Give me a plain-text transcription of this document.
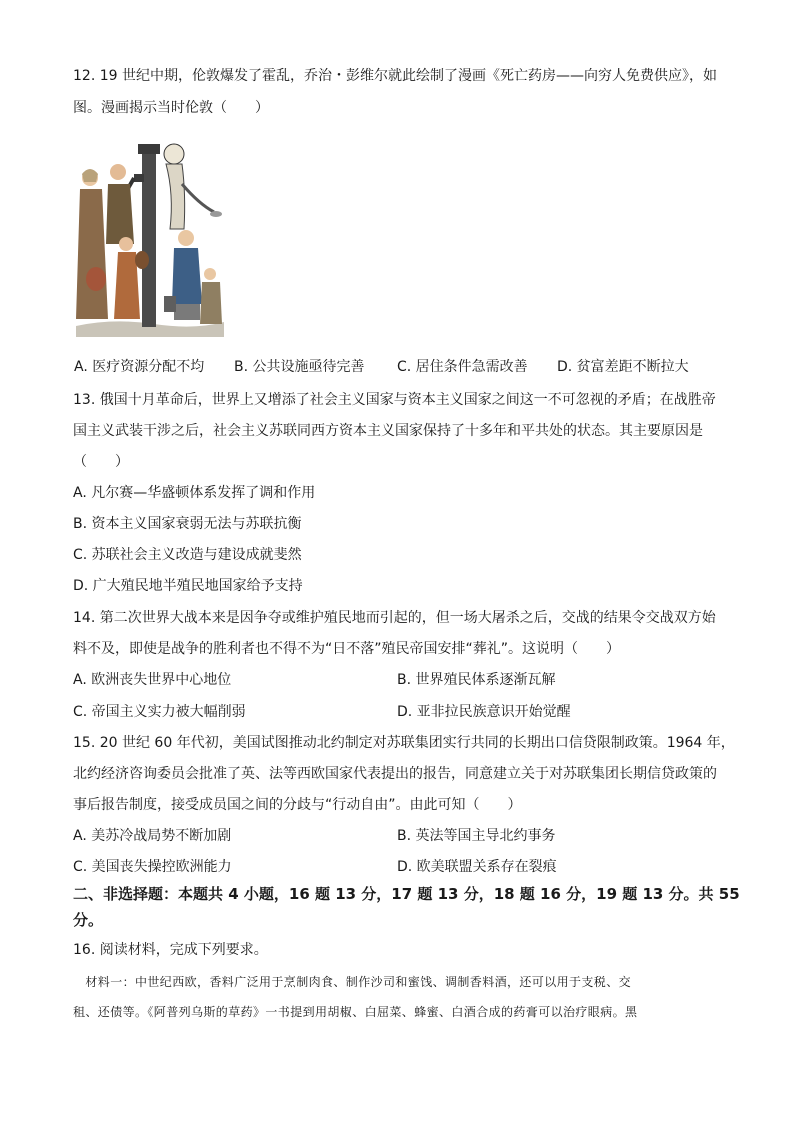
12. 19 世纪中期，伦敦爆发了霍乱，乔治・彭维尔就此绘制了漫画《死亡药房——向穷人免费供应》，如
图。漫画揭示当时伦敦（　　）
A. 医疗资源分配不均 B. 公共设施亟待完善 C. 居住条件急需改善 D. 贫富差距不断拉大
13. 俄国十月革命后，世界上又增添了社会主义国家与资本主义国家之间这一不可忽视的矛盾；在战胜帝
国主义武装干涉之后，社会主义苏联同西方资本主义国家保持了十多年和平共处的状态。其主要原因是
（　　）
A. 凡尔赛—华盛顿体系发挥了调和作用
B. 资本主义国家衰弱无法与苏联抗衡
C. 苏联社会主义改造与建设成就斐然
D. 广大殖民地半殖民地国家给予支持
14. 第二次世界大战本来是因争夺或维护殖民地而引起的，但一场大屠杀之后，交战的结果令交战双方始
料不及，即使是战争的胜利者也不得不为“日不落”殖民帝国安排“葬礼”。这说明（　　）
A. 欧洲丧失世界中心地位	B. 世界殖民体系逐渐瓦解
C. 帝国主义实力被大幅削弱	D. 亚非拉民族意识开始觉醒
15. 20 世纪 60 年代初，美国试图推动北约制定对苏联集团实行共同的长期出口信贷限制政策。1964 年，
北约经济咨询委员会批准了英、法等西欧国家代表提出的报告，同意建立关于对苏联集团长期信贷政策的
事后报告制度，接受成员国之间的分歧与“行动自由”。由此可知（　　）
A. 美苏冷战局势不断加剧	B. 英法等国主导北约事务
C. 美国丧失操控欧洲能力	D. 欧美联盟关系存在裂痕
二、非选择题：本题共 4 小题，16 题 13 分，17 题 13 分，18 题 16 分，19 题 13 分。共 55
分。
16. 阅读材料，完成下列要求。
　材料一：中世纪西欧，香料广泛用于烹制肉食、制作沙司和蜜饯、调制香料酒，还可以用于支税、交
租、还债等。《阿普列乌斯的草药》一书提到用胡椒、白屈菜、蜂蜜、白酒合成的药膏可以治疗眼病。黑
